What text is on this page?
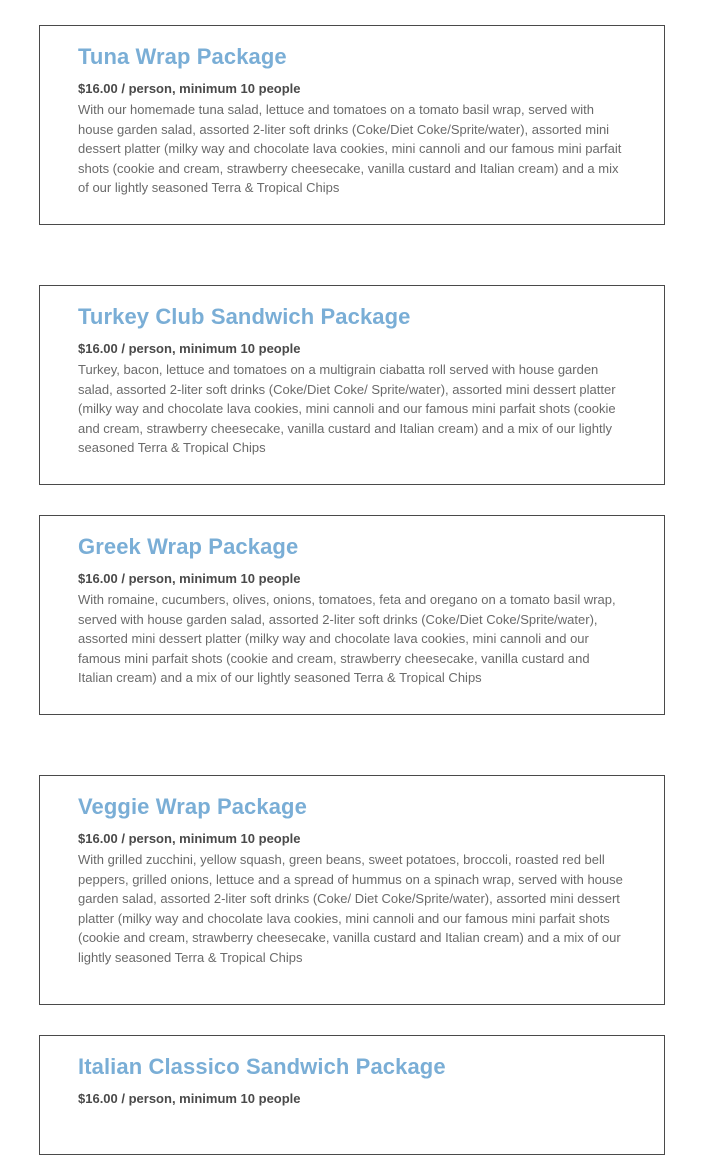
Tuna Wrap Package

$16.00 / person, minimum 10 people

With our homemade tuna salad, lettuce and tomatoes on a tomato basil wrap, served with house garden salad, assorted 2-liter soft drinks (Coke/Diet Coke/Sprite/water), assorted mini dessert platter (milky way and chocolate lava cookies, mini cannoli and our famous mini parfait shots (cookie and cream, strawberry cheesecake, vanilla custard and Italian cream) and a mix of our lightly seasoned Terra & Tropical Chips

Turkey Club Sandwich Package

$16.00 / person, minimum 10 people

Turkey, bacon, lettuce and tomatoes on a multigrain ciabatta roll served with house garden salad, assorted 2-liter soft drinks (Coke/Diet Coke/ Sprite/water), assorted mini dessert platter (milky way and chocolate lava cookies, mini cannoli and our famous mini parfait shots (cookie and cream, strawberry cheesecake, vanilla custard and Italian cream) and a mix of our lightly seasoned Terra & Tropical Chips

Greek Wrap Package

$16.00 / person, minimum 10 people

With romaine, cucumbers, olives, onions, tomatoes, feta and oregano on a tomato basil wrap, served with house garden salad, assorted 2-liter soft drinks (Coke/Diet Coke/Sprite/water), assorted mini dessert platter (milky way and chocolate lava cookies, mini cannoli and our famous mini parfait shots (cookie and cream, strawberry cheesecake, vanilla custard and Italian cream) and a mix of our lightly seasoned Terra & Tropical Chips

Veggie Wrap Package

$16.00 / person, minimum 10 people

With grilled zucchini, yellow squash, green beans, sweet potatoes, broccoli, roasted red bell peppers, grilled onions, lettuce and a spread of hummus on a spinach wrap, served with house garden salad, assorted 2-liter soft drinks (Coke/ Diet Coke/Sprite/water), assorted mini dessert platter (milky way and chocolate lava cookies, mini cannoli and our famous mini parfait shots (cookie and cream, strawberry cheesecake, vanilla custard and Italian cream) and a mix of our lightly seasoned Terra & Tropical Chips

Italian Classico Sandwich Package

$16.00 / person, minimum 10 people
